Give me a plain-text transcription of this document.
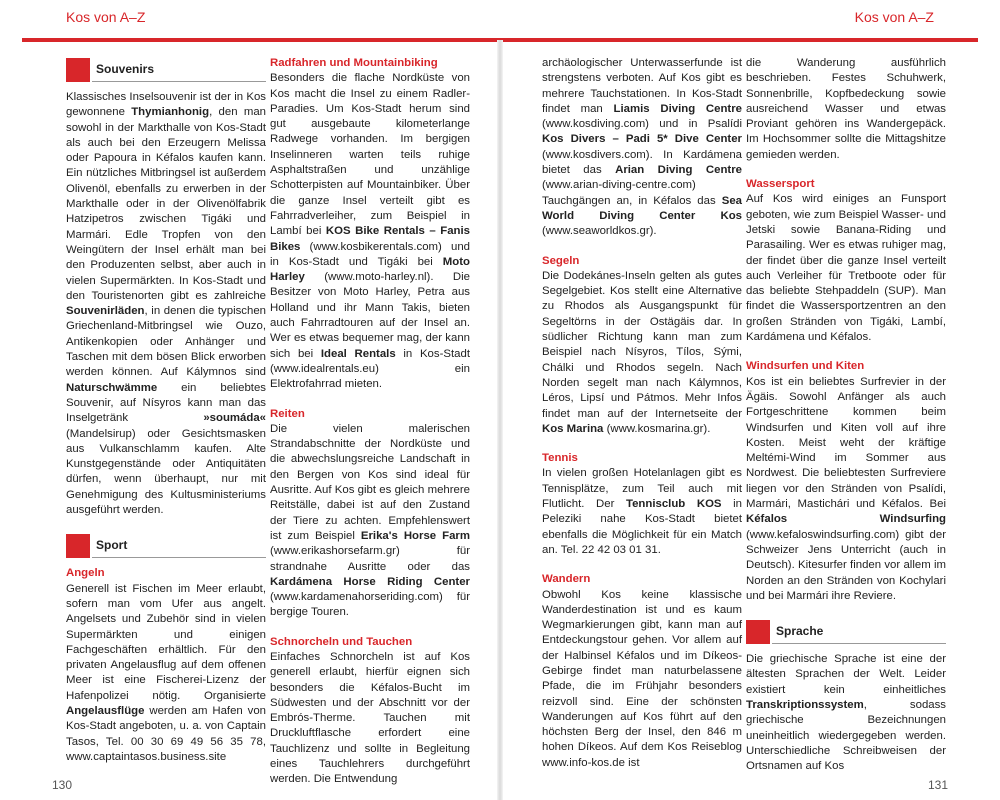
Kos von A–Z	Kos von A–Z
Souvenirs

Klassisches Inselsouvenir ist der in Kos gewonnene Thymianhonig, den man sowohl in der Markthalle von Kos-Stadt als auch bei den Erzeugern Melissa oder Papoura in Kéfalos kaufen kann. Ein nützliches Mitbringsel ist außerdem Olivenöl, ebenfalls zu erwerben in der Markthalle oder in der Olivenölfabrik Hatzipetros zwischen Tigáki und Marmári. Edle Tropfen von den Weingütern der Insel erhält man bei den Produzenten selbst, aber auch in vielen Supermärkten. In Kos-Stadt und den Touristenorten gibt es zahlreiche Souvenirläden, in denen die typischen Griechenland-Mitbringsel wie Ouzo, Antikenkopien oder Anhänger und Taschen mit dem bösen Blick erworben werden können. Auf Kálymnos sind Naturschwämme ein beliebtes Souvenir, auf Nísyros kann man das Inselgetränk »soumáda« (Mandelsirup) oder Gesichtsmasken aus Vulkanschlamm kaufen. Alte Kunstgegenstände oder Antiquitäten dürfen, wenn überhaupt, nur mit Genehmigung des Kultusministeriums ausgeführt werden.

Sport
Angeln

Generell ist Fischen im Meer erlaubt, sofern man vom Ufer aus angelt. Angelsets und Zubehör sind in vielen Supermärkten und einigen Fachgeschäften erhältlich. Für den privaten Angelausflug auf dem offenen Meer ist eine Fischerei-Lizenz der Hafenpolizei nötig. Organisierte Angelausflüge werden am Hafen von Kos-Stadt angeboten, u. a. von Captain Tasos, Tel. 00 30 69 49 56 35 78, www.captaintasos.business.site

Radfahren und Mountainbiking

Besonders die flache Nordküste von Kos macht die Insel zu einem Radler-Paradies. Um Kos-Stadt herum sind gut ausgebaute kilometerlange Radwege vorhanden. Im bergigen Inselinneren warten teils ruhige Asphaltstraßen und unzählige Schotterpisten auf Mountainbiker. Über die ganze Insel verteilt gibt es Fahrradverleiher, zum Beispiel in Lambí bei KOS Bike Rentals – Fanis Bikes (www.kosbikerentals.com) und in Kos-Stadt und Tigáki bei Moto Harley (www.moto-harley.nl). Die Besitzer von Moto Harley, Petra aus Holland und ihr Mann Takis, bieten auch Fahrradtouren auf der Insel an. Wer es etwas bequemer mag, der kann sich bei Ideal Rentals in Kos-Stadt (www.idealrentals.eu) ein Elektrofahrrad mieten.

Reiten

Die vielen malerischen Strandabschnitte der Nordküste und die abwechslungsreiche Landschaft in den Bergen von Kos sind ideal für Ausritte. Auf Kos gibt es gleich mehrere Reitställe, dabei ist auf den Zustand der Tiere zu achten. Empfehlenswert ist zum Beispiel Erika's Horse Farm (www.erikashorsefarm.gr) für strandnahe Ausritte oder das Kardámena Horse Riding Center (www.kardamenahorseriding.com) für bergige Touren.

Schnorcheln und Tauchen

Einfaches Schnorcheln ist auf Kos generell erlaubt, hierfür eignen sich besonders die Kéfalos-Bucht im Südwesten und der Abschnitt vor der Embrós-Therme. Tauchen mit Druckluftflasche erfordert eine Tauchlizenz und sollte in Begleitung eines Tauchlehrers durchgeführt werden. Die Entwendung

archäologischer Unterwasserfunde ist strengstens verboten. Auf Kos gibt es mehrere Tauchstationen. In Kos-Stadt findet man Liamis Diving Centre (www.kosdiving.com) und in Psalídi Kos Divers – Padi 5* Dive Center (www.kosdivers.com). In Kardámena bietet das Arian Diving Centre (www.arian-diving-centre.com) Tauchgängen an, in Kéfalos das Sea World Diving Center Kos (www.seaworldkos.gr).

Segeln

Die Dodekánes-Inseln gelten als gutes Segelgebiet. Kos stellt eine Alternative zu Rhodos als Ausgangspunkt für Segeltörns in der Ostägäis dar. In südlicher Richtung kann man zum Beispiel nach Nísyros, Tílos, Sými, Chálki und Rhodos segeln. Nach Norden segelt man nach Kálymnos, Léros, Lipsí und Pátmos. Mehr Infos findet man auf der Internetseite der Kos Marina (www.kosmarina.gr).

Tennis

In vielen großen Hotelanlagen gibt es Tennisplätze, zum Teil auch mit Flutlicht. Der Tennisclub KOS in Peleziki nahe Kos-Stadt bietet ebenfalls die Möglichkeit für ein Match an. Tel. 22 42 03 01 31.

Wandern

Obwohl Kos keine klassische Wanderdestination ist und es kaum Wegmarkierungen gibt, kann man auf Entdeckungstour gehen. Vor allem auf der Halbinsel Kéfalos und im Díkeos-Gebirge findet man naturbelassene Pfade, die im Frühjahr besonders reizvoll sind. Eine der schönsten Wanderungen auf Kos führt auf den höchsten Berg der Insel, den 846 m hohen Díkeos. Auf dem Kos Reiseblog www.info-kos.de ist

die Wanderung ausführlich beschrieben. Festes Schuhwerk, Sonnenbrille, Kopfbedeckung sowie ausreichend Wasser und etwas Proviant gehören ins Wandergepäck. Im Hochsommer sollte die Mittagshitze gemieden werden.

Wassersport

Auf Kos wird einiges an Funsport geboten, wie zum Beispiel Wasser- und Jetski sowie Banana-Riding und Parasailing. Wer es etwas ruhiger mag, der findet über die ganze Insel verteilt auch Verleiher für Tretboote oder für das beliebte Stehpaddeln (SUP). Man findet die Wassersportzentren an den großen Stränden von Tigáki, Lambí, Kardámena und Kéfalos.

Windsurfen und Kiten

Kos ist ein beliebtes Surfrevier in der Ägäis. Sowohl Anfänger als auch Fortgeschrittene kommen beim Windsurfen und Kiten voll auf ihre Kosten. Meist weht der kräftige Meltémi-Wind im Sommer aus Nordwest. Die beliebtesten Surfreviere liegen vor den Stränden von Psalídi, Marmári, Mastichári und Kéfalos. Bei Kéfalos Windsurfing (www.kefaloswindsurfing.com) gibt der Schweizer Jens Unterricht (auch in Deutsch). Kitesurfer finden vor allem im Norden an den Stränden von Kochylari und bei Marmári ihre Reviere.

Sprache

Die griechische Sprache ist eine der ältesten Sprachen der Welt. Leider existiert kein einheitliches Transkriptionssystem, sodass griechische Bezeichnungen uneinheitlich wiedergegeben werden. Unterschiedliche Schreibweisen der Ortsnamen auf Kos

130	131
